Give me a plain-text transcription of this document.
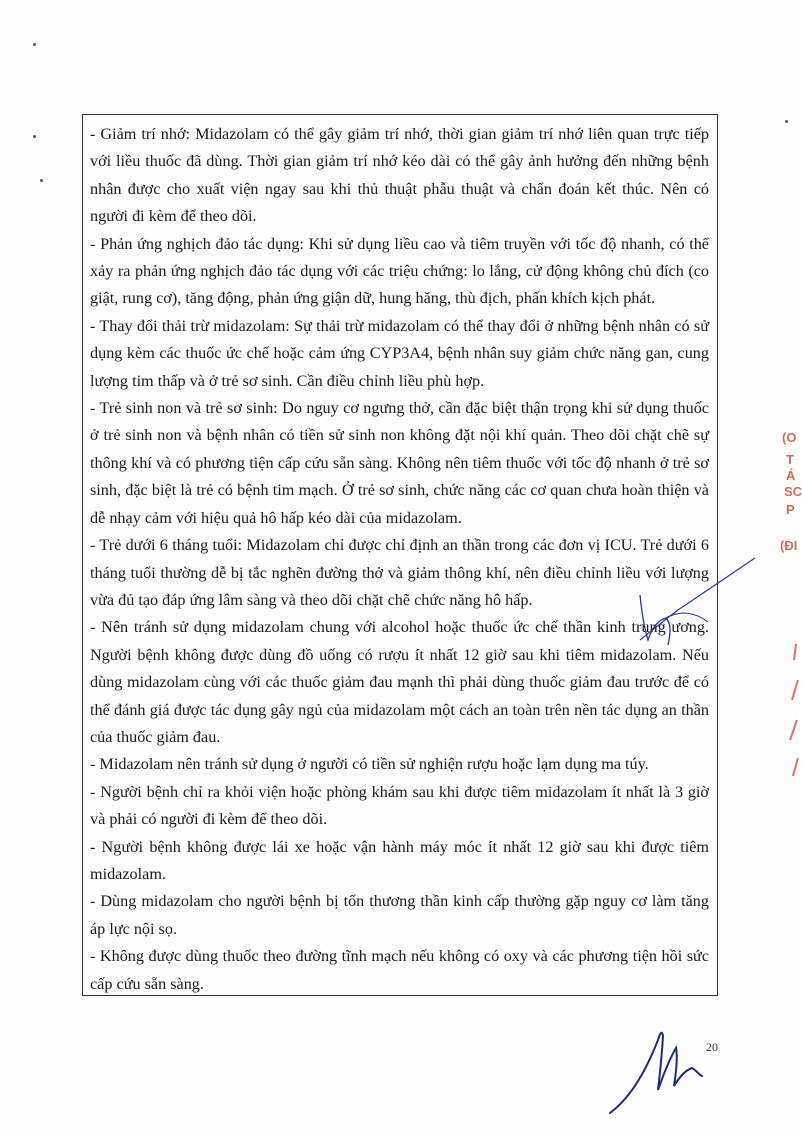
- Giảm trí nhớ: Midazolam có thể gây giảm trí nhớ, thời gian giảm trí nhớ liên quan trực tiếp với liều thuốc đã dùng. Thời gian giảm trí nhớ kéo dài có thể gây ảnh hưởng đến những bệnh nhân được cho xuất viện ngay sau khi thủ thuật phẫu thuật và chẩn đoán kết thúc. Nên có người đi kèm để theo dõi.

- Phản ứng nghịch đảo tác dụng: Khi sử dụng liều cao và tiêm truyền với tốc độ nhanh, có thể xảy ra phản ứng nghịch đảo tác dụng với các triệu chứng: lo lắng, cử động không chủ đích (co giật, rung cơ), tăng động, phản ứng giận dữ, hung hăng, thù địch, phấn khích kịch phát.

- Thay đổi thải trừ midazolam: Sự thải trừ midazolam có thể thay đổi ở những bệnh nhân có sử dụng kèm các thuốc ức chế hoặc cảm ứng CYP3A4, bệnh nhân suy giảm chức năng gan, cung lượng tim thấp và ở trẻ sơ sinh. Cần điều chỉnh liều phù hợp.

- Trẻ sinh non và trẻ sơ sinh: Do nguy cơ ngưng thở, cần đặc biệt thận trọng khi sử dụng thuốc ở trẻ sinh non và bệnh nhân có tiền sử sinh non không đặt nội khí quản. Theo dõi chặt chẽ sự thông khí và có phương tiện cấp cứu sẵn sàng. Không nên tiêm thuốc với tốc độ nhanh ở trẻ sơ sinh, đặc biệt là trẻ có bệnh tim mạch. Ở trẻ sơ sinh, chức năng các cơ quan chưa hoàn thiện và dễ nhạy cảm với hiệu quả hô hấp kéo dài của midazolam.

- Trẻ dưới 6 tháng tuổi: Midazolam chỉ được chỉ định an thần trong các đơn vị ICU. Trẻ dưới 6 tháng tuổi thường dễ bị tắc nghẽn đường thở và giảm thông khí, nên điều chỉnh liều với lượng vừa đủ tạo đáp ứng lâm sàng và theo dõi chặt chẽ chức năng hô hấp.

- Nên tránh sử dụng midazolam chung với alcohol hoặc thuốc ức chế thần kinh trung ương. Người bệnh không được dùng đồ uống có rượu ít nhất 12 giờ sau khi tiêm midazolam. Nếu dùng midazolam cùng với các thuốc giảm đau mạnh thì phải dùng thuốc giảm đau trước để có thể đánh giá được tác dụng gây ngủ của midazolam một cách an toàn trên nền tác dụng an thần của thuốc giảm đau.

- Midazolam nên tránh sử dụng ở người có tiền sử nghiện rượu hoặc lạm dụng ma túy.

- Người bệnh chỉ ra khỏi viện hoặc phòng khám sau khi được tiêm midazolam ít nhất là 3 giờ và phải có người đi kèm để theo dõi.

- Người bệnh không được lái xe hoặc vận hành máy móc ít nhất 12 giờ sau khi được tiêm midazolam.

- Dùng midazolam cho người bệnh bị tổn thương thần kinh cấp thường gặp nguy cơ làm tăng áp lực nội sọ.

- Không được dùng thuốc theo đường tĩnh mạch nếu không có oxy và các phương tiện hồi sức cấp cứu sẵn sàng.

20
(O
T
Á
SC
P
(ĐI
